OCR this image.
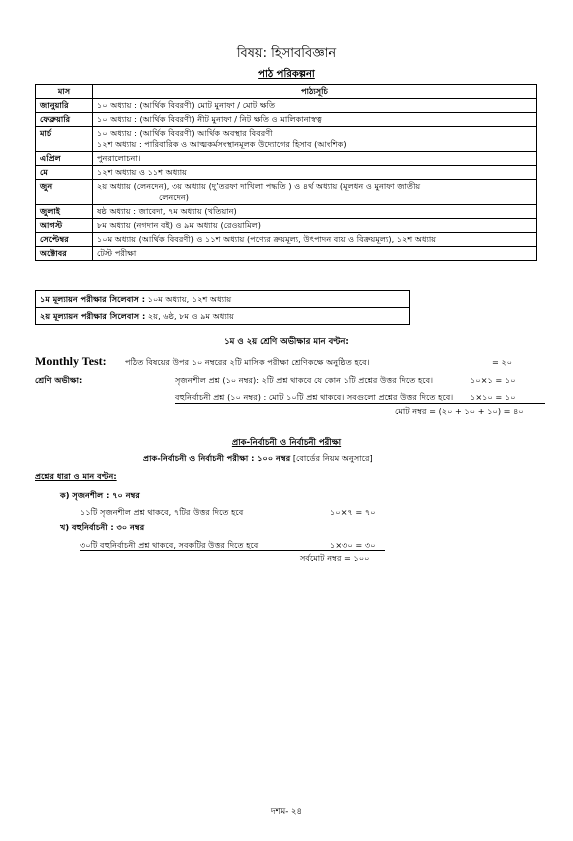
বিষয়: হিসাববিজ্ঞান
পাঠ পরিকল্পনা
মাস	পাঠ্যসূচি
জানুয়ারি	১০ অধ্যায় : (আর্থিক বিবরণী) মোট মুনাফা / মোট ক্ষতি

ফেব্রুয়ারি	১০ অধ্যায় : (আর্থিক বিবরণী) নীট মুনাফা / নিট ক্ষতি ও মালিকানাস্বত্ব

মার্চ	১০ অধ্যায় : (আর্থিক বিবরণী) আর্থিক অবস্থার বিবরণী
১২শ অধ্যায় : পারিবারিক ও আত্মকর্মসংস্থানমূলক উদ্যোগের হিসাব (আংশিক)

এপ্রিল	পুনরালোচনা।

মে	১২শ অধ্যায় ও ১১শ অধ্যায়

জুন	২য় অধ্যায় (লেনদেন), ৩য় অধ্যায় (দু’তরফা দাখিলা পদ্ধতি ) ও ৪র্থ অধ্যায় (মূলধন ও মুনাফা জাতীয়
লেনদেন)

জুলাই	ষষ্ঠ অধ্যায় : জাবেদা, ৭ম অধ্যায় (খতিয়ান)

আগস্ট	৮ম অধ্যায় (নগদান বই) ও ৯ম অধ্যায় (রেওয়ামিল)

সেপ্টেম্বর	১০ম অধ্যায় (আর্থিক বিবরণী) ও ১১শ অধ্যায় (পণ্যের ক্রয়মূল্য, উৎপাদন ব্যয় ও বিক্রয়মূল্য), ১২শ অধ্যায়

অক্টোবর	টেস্ট পরীক্ষা
১ম মূল্যায়ন পরীক্ষার সিলেবাস : ১০ম অধ্যায়, ১২শ অধ্যায়
২য় মূল্যায়ন পরীক্ষার সিলেবাস : ২য়, ৬ষ্ঠ, ৮ম ও ৯ম অধ্যায়
১ম ও ২য় শ্রেণি অভীক্ষার মান বণ্টন:
Monthly Test: পঠিত বিষয়ের উপর ১০ নম্বরের ২টি মাসিক পরীক্ষা শ্রেণিকক্ষে অনুষ্ঠিত হবে।	= ২০
শ্রেণি অভীক্ষা:	সৃজনশীল প্রশ্ন (১০ নম্বর): ২টি প্রশ্ন থাকবে যে কোন ১টি প্রশ্নের উত্তর দিতে হবে।	১০×১ = ১০
বহুনির্বাচনী প্রশ্ন (১০ নম্বর) : মোট ১০টি প্রশ্ন থাকবে। সবগুলো প্রশ্নের উত্তর দিতে হবে। ১×১০ = ১০
মোট নম্বর = (২০ + ১০ + ১০) = ৪০
প্রাক-নির্বাচনী ও নির্বাচনী পরীক্ষা
প্রাক-নির্বাচনী ও নির্বাচনী পরীক্ষা : ১০০ নম্বর [বোর্ডের নিয়ম অনুসারে]
প্রশ্নের ধারা ও মান বণ্টন:
ক) সৃজনশীল : ৭০ নম্বর
১১টি সৃজনশীল প্রশ্ন থাকবে, ৭টির উত্তর দিতে হবে	১০×৭ = ৭০
খ) বহুনির্বাচনী : ৩০ নম্বর
৩০টি বহুনির্বাচনী প্রশ্ন থাকবে, সবকটির উত্তর দিতে হবে	১×৩০ = ৩০
সর্বমোট নম্বর = ১০০
দশম- ২৪
